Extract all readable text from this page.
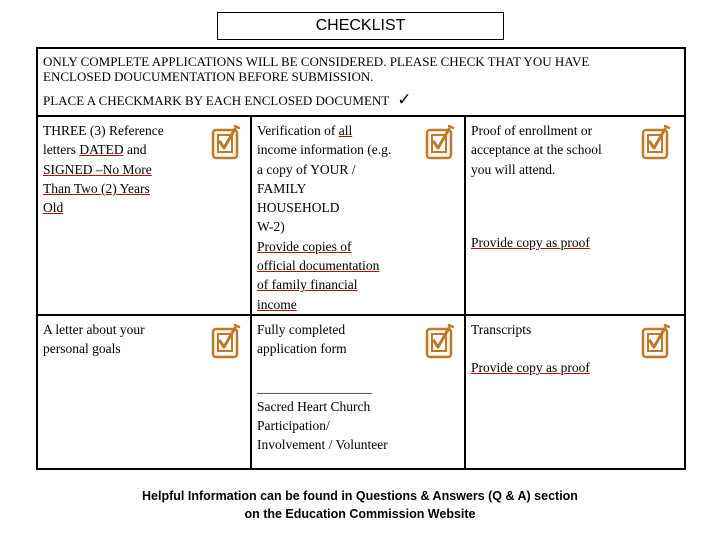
CHECKLIST
ONLY COMPLETE APPLICATIONS WILL BE CONSIDERED. PLEASE CHECK THAT YOU HAVE
ENCLOSED DOUCUMENTATION BEFORE SUBMISSION.
PLACE A CHECKMARK BY EACH ENCLOSED DOCUMENT ✓
THREE (3) Reference
letters DATED and
SIGNED –No More
Than Two (2) Years
Old
Verification of all
income information (e.g.
a copy of YOUR /
FAMILY
HOUSEHOLD
W-2)
Provide copies of
official documentation
of family financial
income
Proof of enrollment or
acceptance at the school
you will attend.
Provide copy as proof
A letter about your
personal goals
Fully completed
application form
_________________
Sacred Heart Church
Participation/
Involvement / Volunteer
Transcripts
Provide copy as proof
Helpful Information can be found in Questions & Answers (Q & A) section
on the Education Commission Website
